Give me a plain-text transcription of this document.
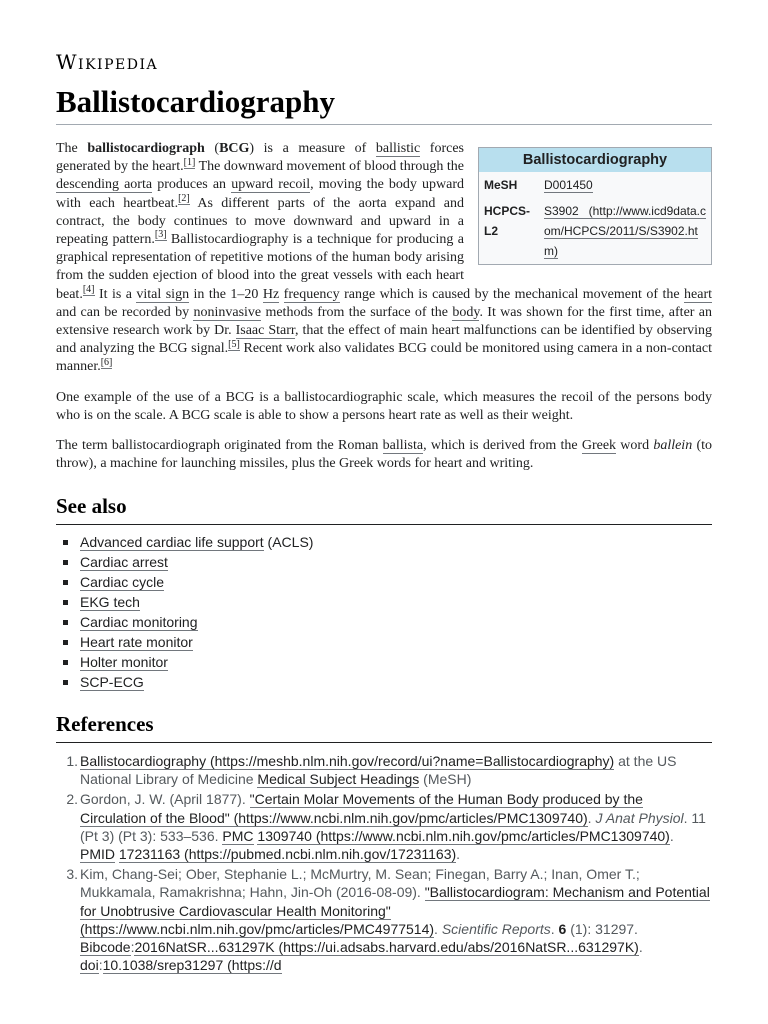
Wikipedia
Ballistocardiography
Ballistocardiography
MeSH	D001450
HCPCS-L2	S3902 (http://www.icd9data.com/HCPCS/2011/S/S3902.htm)

The ballistocardiograph (BCG) is a measure of ballistic forces generated by the heart.[1] The downward movement of blood through the descending aorta produces an upward recoil, moving the body upward with each heartbeat.[2] As different parts of the aorta expand and contract, the body continues to move downward and upward in a repeating pattern.[3] Ballistocardiography is a technique for producing a graphical representation of repetitive motions of the human body arising from the sudden ejection of blood into the great vessels with each heart beat.[4] It is a vital sign in the 1–20 Hz frequency range which is caused by the mechanical movement of the heart and can be recorded by noninvasive methods from the surface of the body. It was shown for the first time, after an extensive research work by Dr. Isaac Starr, that the effect of main heart malfunctions can be identified by observing and analyzing the BCG signal.[5] Recent work also validates BCG could be monitored using camera in a non-contact manner.[6]

One example of the use of a BCG is a ballistocardiographic scale, which measures the recoil of the persons body who is on the scale. A BCG scale is able to show a persons heart rate as well as their weight.

The term ballistocardiograph originated from the Roman ballista, which is derived from the Greek word ballein (to throw), a machine for launching missiles, plus the Greek words for heart and writing.

See also
Advanced cardiac life support (ACLS)
Cardiac arrest
Cardiac cycle
EKG tech
Cardiac monitoring
Heart rate monitor
Holter monitor
SCP-ECG
References
1. Ballistocardiography (https://meshb.nlm.nih.gov/record/ui?name=Ballistocardiography) at the US National Library of Medicine Medical Subject Headings (MeSH)
2. Gordon, J. W. (April 1877). "Certain Molar Movements of the Human Body produced by the Circulation of the Blood" (https://www.ncbi.nlm.nih.gov/pmc/articles/PMC1309740). J Anat Physiol. 11 (Pt 3) (Pt 3): 533–536. PMC 1309740 (https://www.ncbi.nlm.nih.gov/pmc/articles/PMC1309740). PMID 17231163 (https://pubmed.ncbi.nlm.nih.gov/17231163).
3. Kim, Chang-Sei; Ober, Stephanie L.; McMurtry, M. Sean; Finegan, Barry A.; Inan, Omer T.; Mukkamala, Ramakrishna; Hahn, Jin-Oh (2016-08-09). "Ballistocardiogram: Mechanism and Potential for Unobtrusive Cardiovascular Health Monitoring" (https://www.ncbi.nlm.nih.gov/pmc/articles/PMC4977514). Scientific Reports. 6 (1): 31297. Bibcode:2016NatSR...631297K (https://ui.adsabs.harvard.edu/abs/2016NatSR...631297K). doi:10.1038/srep31297 (https://d
